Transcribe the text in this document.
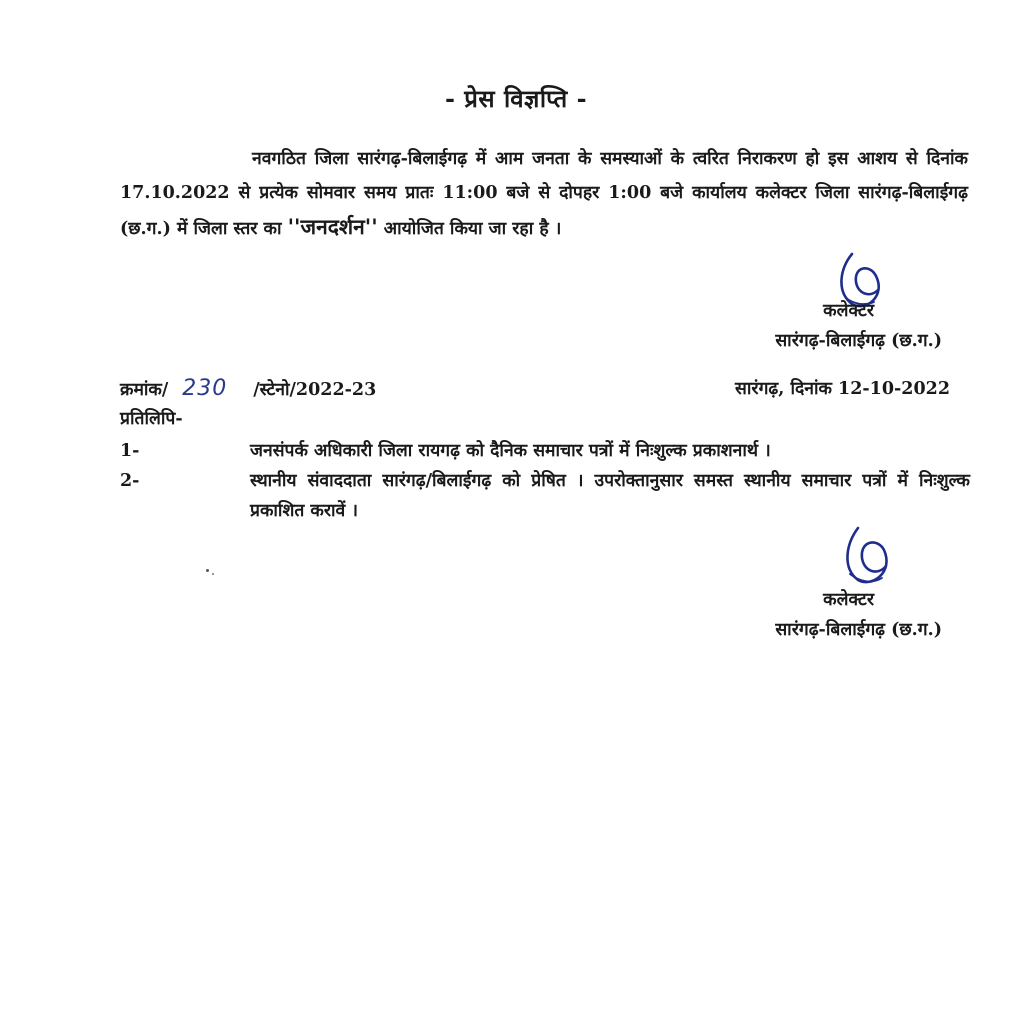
- प्रेस विज्ञप्ति -
नवगठित जिला सारंगढ़-बिलाईगढ़ में आम जनता के समस्याओं के त्वरित निराकरण हो इस आशय से दिनांक 17.10.2022 से प्रत्येक सोमवार समय प्रातः 11:00 बजे से दोपहर 1:00 बजे कार्यालय कलेक्टर जिला सारंगढ़-बिलाईगढ़ (छ.ग.) में जिला स्तर का ''जनदर्शन'' आयोजित किया जा रहा है ।
कलेक्टर
सारंगढ़-बिलाईगढ़ (छ.ग.)
क्रमांक/ 230 /स्टेनो/2022-23	सारंगढ़, दिनांक 12-10-2022
प्रतिलिपि-
1-	जनसंपर्क अधिकारी जिला रायगढ़ को दैनिक समाचार पत्रों में निःशुल्क प्रकाशनार्थ ।
2-	स्थानीय संवाददाता सारंगढ़/बिलाईगढ़ को प्रेषित । उपरोक्तानुसार समस्त स्थानीय समाचार पत्रों में निःशुल्क प्रकाशित करावें ।
कलेक्टर
सारंगढ़-बिलाईगढ़ (छ.ग.)
